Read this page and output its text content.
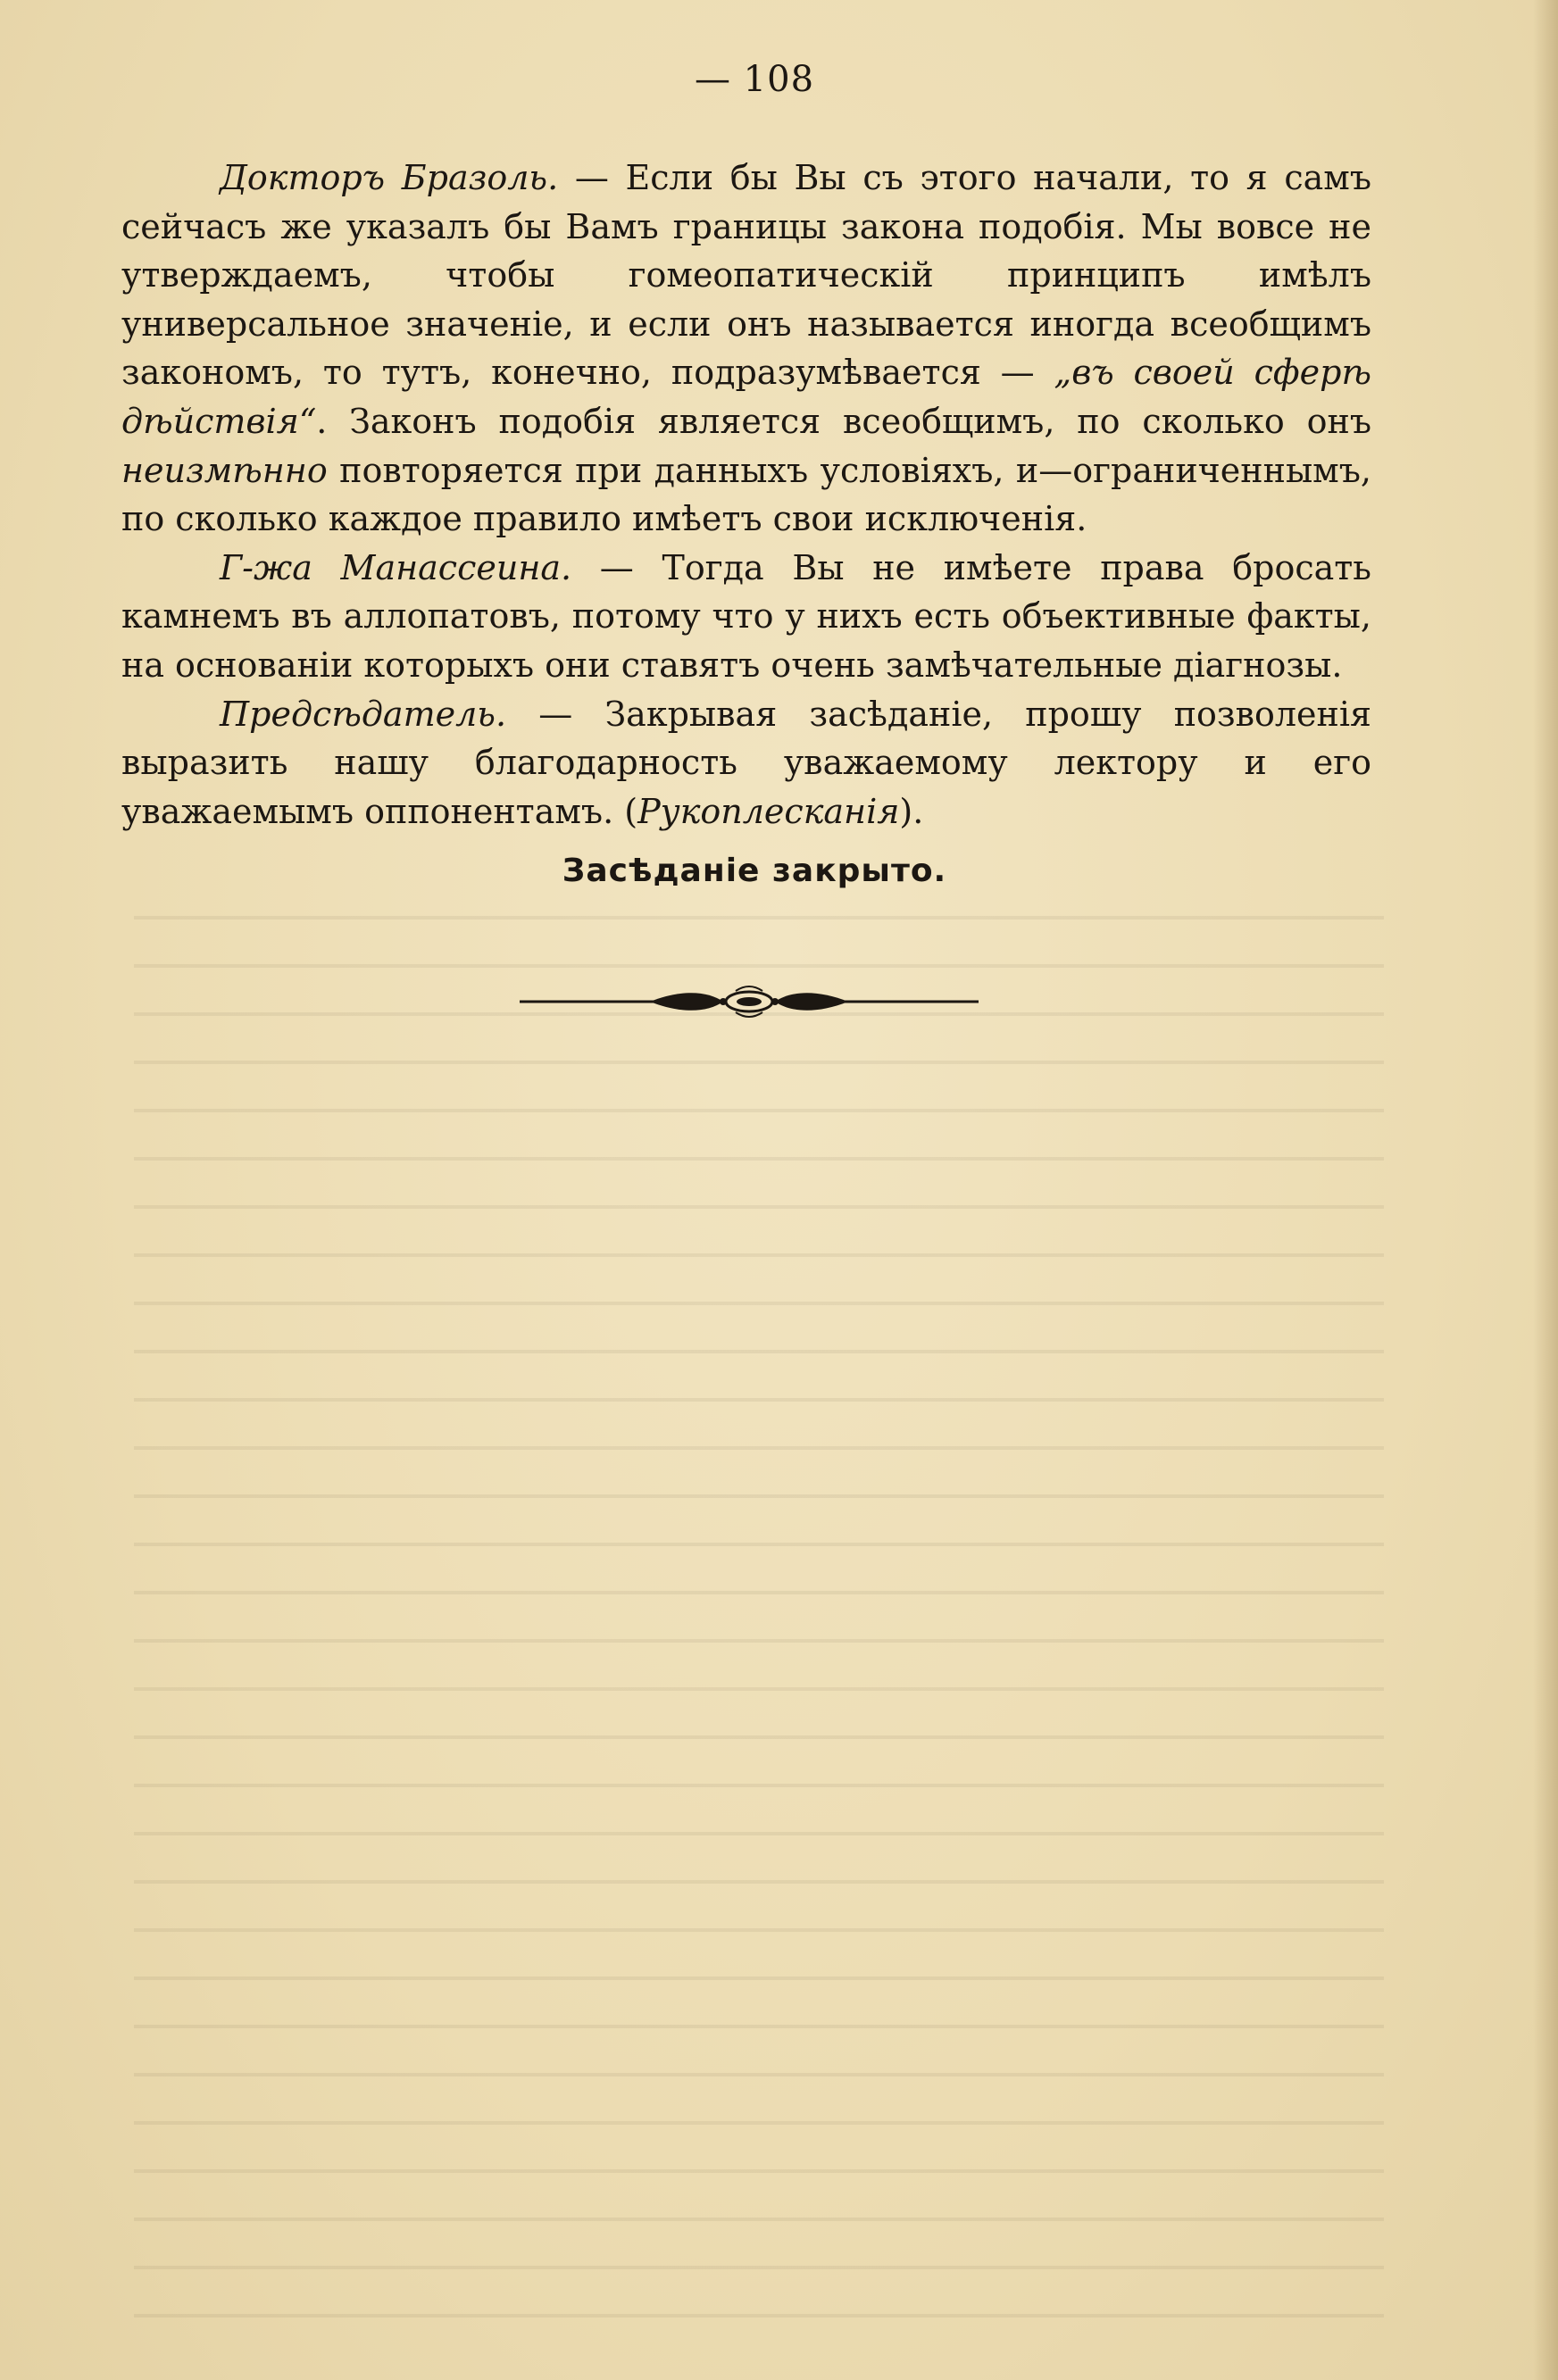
— 108

Докторъ Бразоль. — Если бы Вы съ этого начали, то я самъ сейчасъ же указалъ бы Вамъ границы закона подобія. Мы вовсе не утверждаемъ, чтобы гомеопатическій принципъ имѣлъ универсальное значеніе, и если онъ называется иногда всеобщимъ закономъ, то тутъ, конечно, подразумѣвается — „въ своей сферѣ дѣйствія“. Законъ подобія является всеобщимъ, по сколько онъ неизмѣнно повторяется при данныхъ условіяхъ, и—ограниченнымъ, по сколько каждое правило имѣетъ свои исключенія.

Г-жа Манассеина. — Тогда Вы не имѣете права бросать камнемъ въ аллопатовъ, потому что у нихъ есть объективные факты, на основаніи которыхъ они ставятъ очень замѣчательные діагнозы.

Предсѣдатель. — Закрывая засѣданіе, прошу позволенія выразить нашу благодарность уважаемому лектору и его уважаемымъ оппонентамъ. (Рукоплесканія).

Засѣданіе закрыто.
